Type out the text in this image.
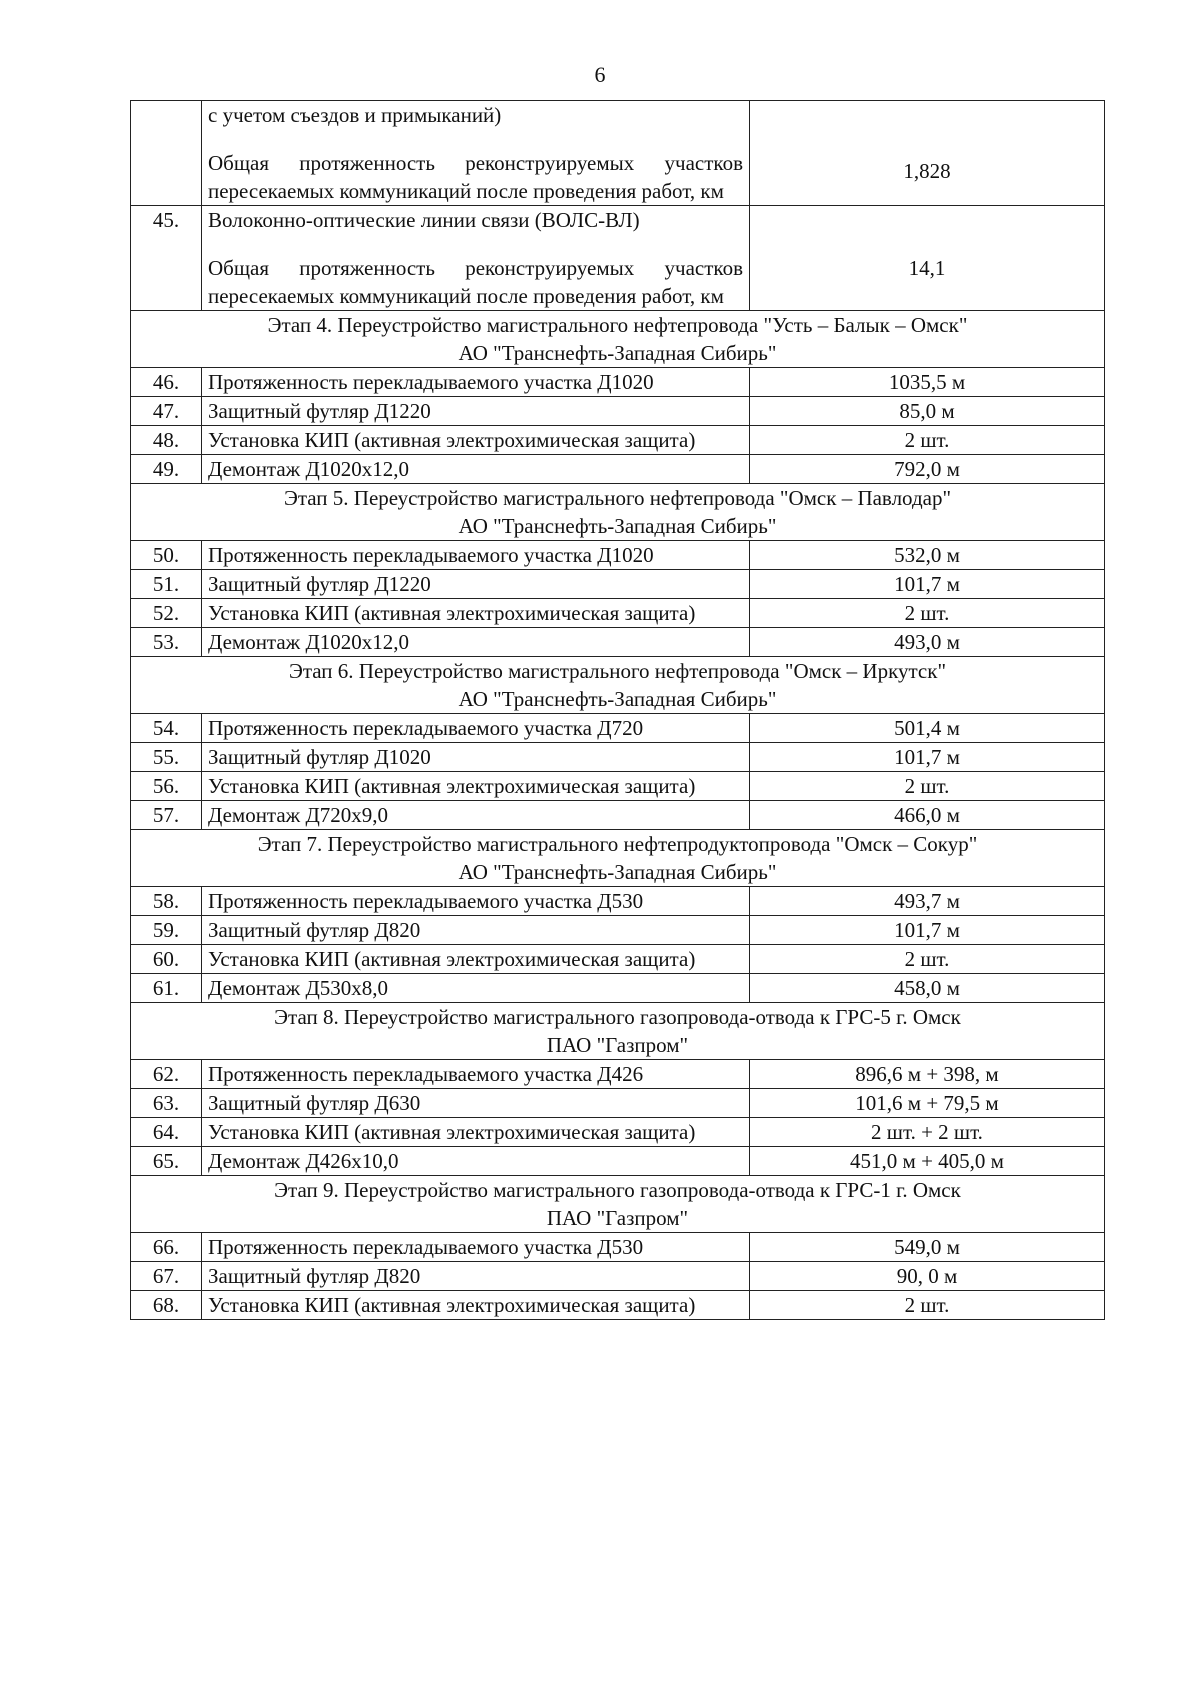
6

	с учетом съездов и примыканий)
Общая протяженность реконструируемых участков пересекаемых коммуникаций после проведения работ, км	1,828
45.	Волоконно-оптические линии связи (ВОЛС-ВЛ)
Общая протяженность реконструируемых участков пересекаемых коммуникаций после проведения работ, км	14,1

Этап 4. Переустройство магистрального нефтепровода "Усть – Балык – Омск"
АО "Транснефть-Западная Сибирь"		

46.	Протяженность перекладываемого участка Д1020	1035,5 м
47.	Защитный футляр Д1220	85,0 м
48.	Установка КИП (активная электрохимическая защита)	2 шт.
49.	Демонтаж Д1020х12,0	792,0 м

Этап 5. Переустройство магистрального нефтепровода "Омск – Павлодар"
АО "Транснефть-Западная Сибирь"		

50.	Протяженность перекладываемого участка Д1020	532,0 м
51.	Защитный футляр Д1220	101,7 м
52.	Установка КИП (активная электрохимическая защита)	2 шт.
53.	Демонтаж Д1020х12,0	493,0 м

Этап 6. Переустройство магистрального нефтепровода "Омск – Иркутск"
АО "Транснефть-Западная Сибирь"		

54.	Протяженность перекладываемого участка Д720	501,4 м
55.	Защитный футляр Д1020	101,7 м
56.	Установка КИП (активная электрохимическая защита)	2 шт.
57.	Демонтаж Д720х9,0	466,0 м

Этап 7. Переустройство магистрального нефтепродуктопровода "Омск – Сокур"
АО "Транснефть-Западная Сибирь"		

58.	Протяженность перекладываемого участка Д530	493,7 м
59.	Защитный футляр Д820	101,7 м
60.	Установка КИП (активная электрохимическая защита)	2 шт.
61.	Демонтаж Д530х8,0	458,0 м

Этап 8. Переустройство магистрального газопровода-отвода к ГРС-5 г. Омск
ПАО "Газпром"		

62.	Протяженность перекладываемого участка Д426	896,6 м + 398, м
63.	Защитный футляр Д630	101,6 м + 79,5 м
64.	Установка КИП (активная электрохимическая защита)	2 шт. + 2 шт.
65.	Демонтаж Д426х10,0	451,0 м + 405,0 м

Этап 9. Переустройство магистрального газопровода-отвода к ГРС-1 г. Омск
ПАО "Газпром"		

66.	Протяженность перекладываемого участка Д530	549,0 м
67.	Защитный футляр Д820	90, 0 м
68.	Установка КИП (активная электрохимическая защита)	2 шт.
